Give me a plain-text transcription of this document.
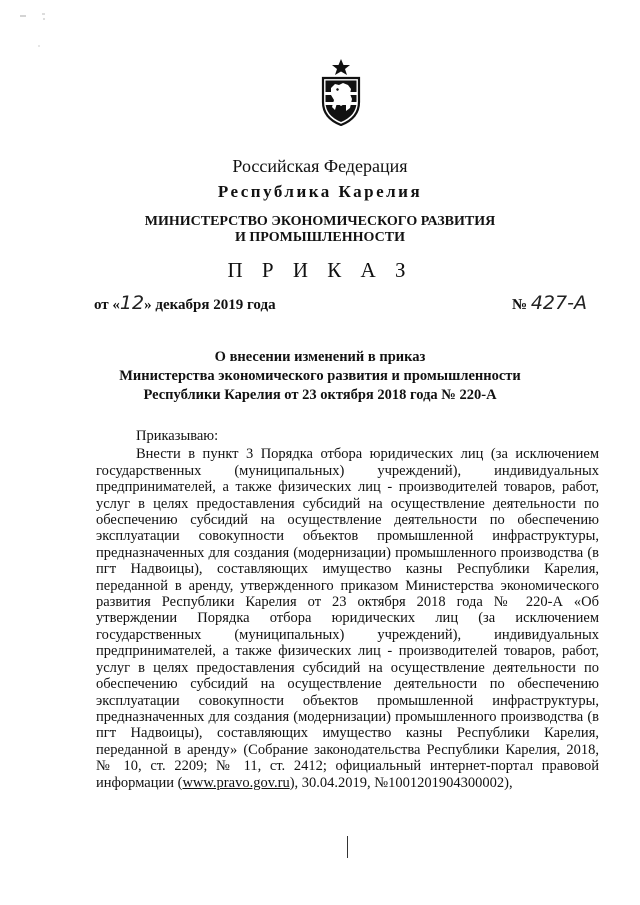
Российская Федерация
Республика Карелия
МИНИСТЕРСТВО ЭКОНОМИЧЕСКОГО РАЗВИТИЯ
И ПРОМЫШЛЕННОСТИ
П Р И К А З
от «12» декабря 2019 года	№ 427-А
О внесении изменений в приказ
Министерства экономического развития и промышленности
Республики Карелия от 23 октября 2018 года № 220-А

Приказываю:

Внести в пункт 3 Порядка отбора юридических лиц (за исключением государственных (муниципальных) учреждений), индивидуальных предпринимателей, а также физических лиц - производителей товаров, работ, услуг в целях предоставления субсидий на осуществление деятельности по обеспечению субсидий на осуществление деятельности по обеспечению эксплуатации совокупности объектов промышленной инфраструктуры, предназначенных для создания (модернизации) промышленного производства (в пгт Надвоицы), составляющих имущество казны Республики Карелия, переданной в аренду, утвержденного приказом Министерства экономического развития Республики Карелия от 23 октября 2018 года № 220-А «Об утверждении Порядка отбора юридических лиц (за исключением государственных (муниципальных) учреждений), индивидуальных предпринимателей, а также физических лиц - производителей товаров, работ, услуг в целях предоставления субсидий на осуществление деятельности по обеспечению субсидий на осуществление деятельности по обеспечению эксплуатации совокупности объектов промышленной инфраструктуры, предназначенных для создания (модернизации) промышленного производства (в пгт Надвоицы), составляющих имущество казны Республики Карелия, переданной в аренду» (Собрание законодательства Республики Карелия, 2018, № 10, ст. 2209; № 11, ст. 2412; официальный интернет-портал правовой информации (www.pravo.gov.ru), 30.04.2019, №1001201904300002),
